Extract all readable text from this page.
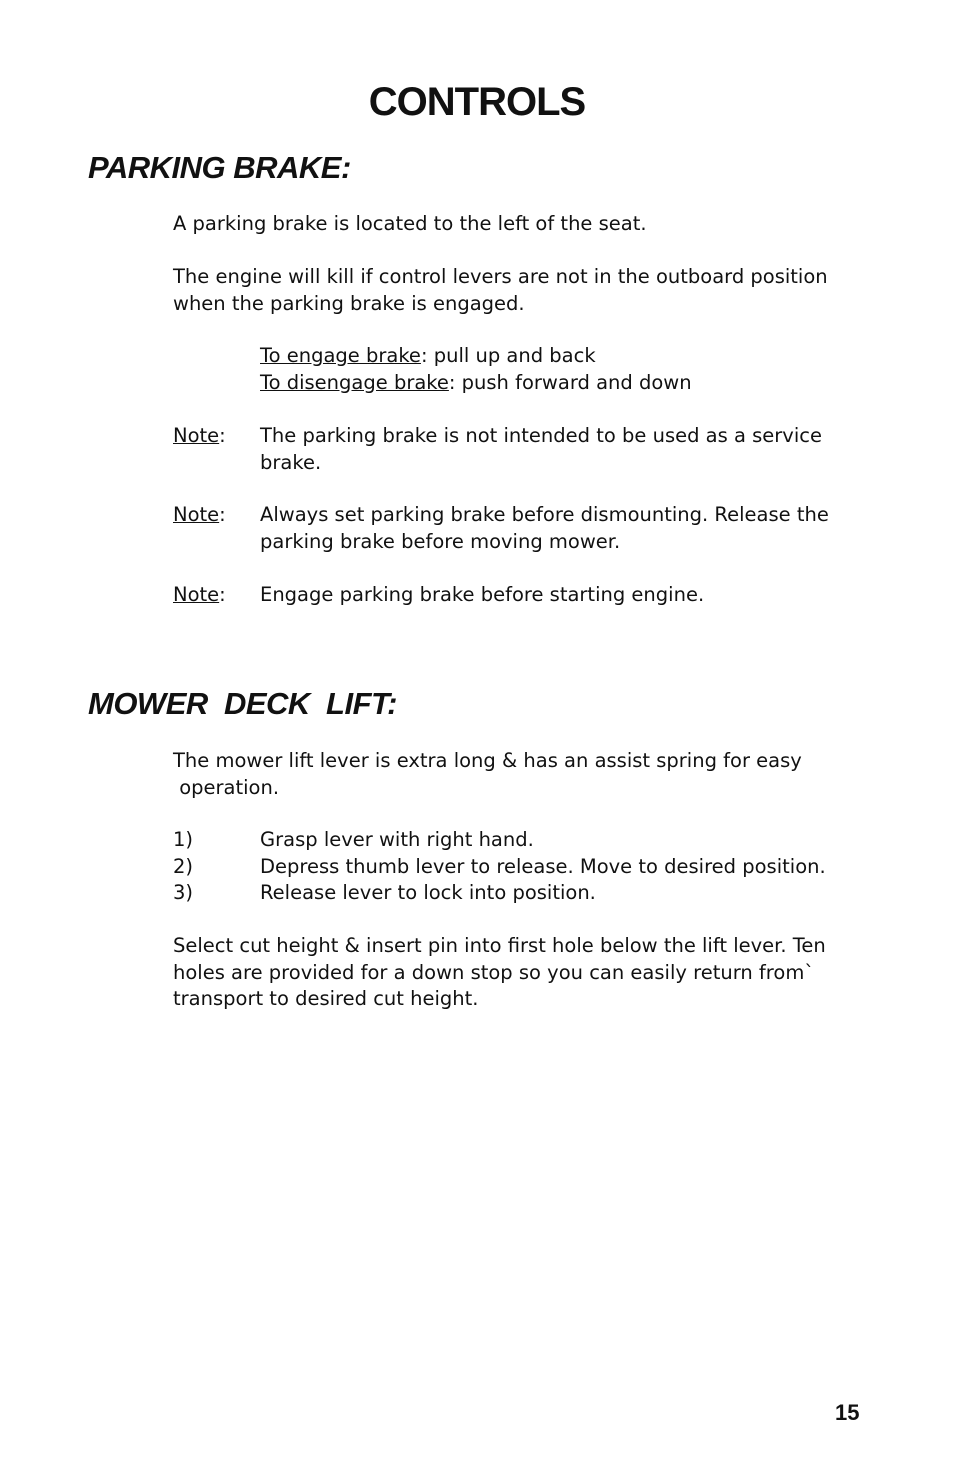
CONTROLS
PARKING BRAKE:

A parking brake is located to the left of the seat.

The engine will kill if control levers are not in the outboard position
when the parking brake is engaged.
To engage brake: pull up and back
To disengage brake: push forward and down
Note: The parking brake is not intended to be used as a service
brake.
Note: Always set parking brake before dismounting. Release the
parking brake before moving mower.
Note: Engage parking brake before starting engine.
MOWER  DECK  LIFT:
The mower lift lever is extra long & has an assist spring for easy
operation.
1)	Grasp lever with right hand.
2)	Depress thumb lever to release. Move to desired position.
3)	Release lever to lock into position.
Select cut height & insert pin into first hole below the lift lever. Ten
holes are provided for a down stop so you can easily return from`
transport to desired cut height.
15
